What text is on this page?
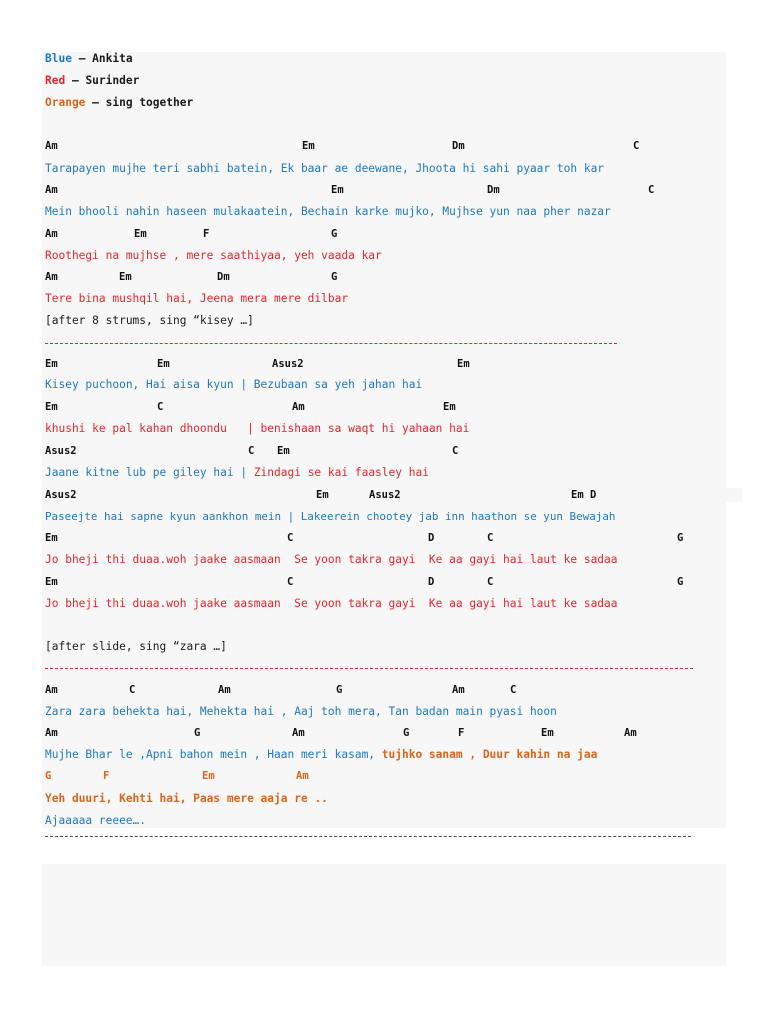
Blue – Ankita
Red – Surinder
Orange – sing together
Am	Em	Dm	C
Tarapayen mujhe teri sabhi batein, Ek baar ae deewane, Jhoota hi sahi pyaar toh kar
Am	Em	Dm	C
Mein bhooli nahin haseen mulakaatein, Bechain karke mujko, Mujhse yun naa pher nazar
Am	Em	F	G
Roothegi na mujhse , mere saathiyaa, yeh vaada kar
Am	Em	Dm	G
Tere bina mushqil hai, Jeena mera mere dilbar
[after 8 strums, sing “kisey …]
Em	Em	Asus2	Em
Kisey puchoon, Hai aisa kyun | Bezubaan sa yeh jahan hai
Em	C	Am	Em
khushi ke pal kahan dhoondu   | benishaan sa waqt hi yahaan hai
Asus2	C Em	C
Jaane kitne lub pe giley hai | Zindagi se kai faasley hai
Asus2	Em	Asus2	Em D
Paseejte hai sapne kyun aankhon mein | Lakeerein chootey jab inn haathon se yun Bewajah
Em	C	D	C	G
Jo bheji thi duaa.woh jaake aasmaan  Se yoon takra gayi  Ke aa gayi hai laut ke sadaa
Em	C	D	C	G
Jo bheji thi duaa.woh jaake aasmaan  Se yoon takra gayi  Ke aa gayi hai laut ke sadaa
[after slide, sing “zara …]
Am	C	Am	G	Am	C
Zara zara behekta hai, Mehekta hai , Aaj toh mera, Tan badan main pyasi hoon
Am	G	Am	G	F	Em	Am
Mujhe Bhar le ,Apni bahon mein , Haan meri kasam, tujhko sanam , Duur kahin na jaa
G	F	Em	Am
Yeh duuri, Kehti hai, Paas mere aaja re ..
Ajaaaaa reeee….
